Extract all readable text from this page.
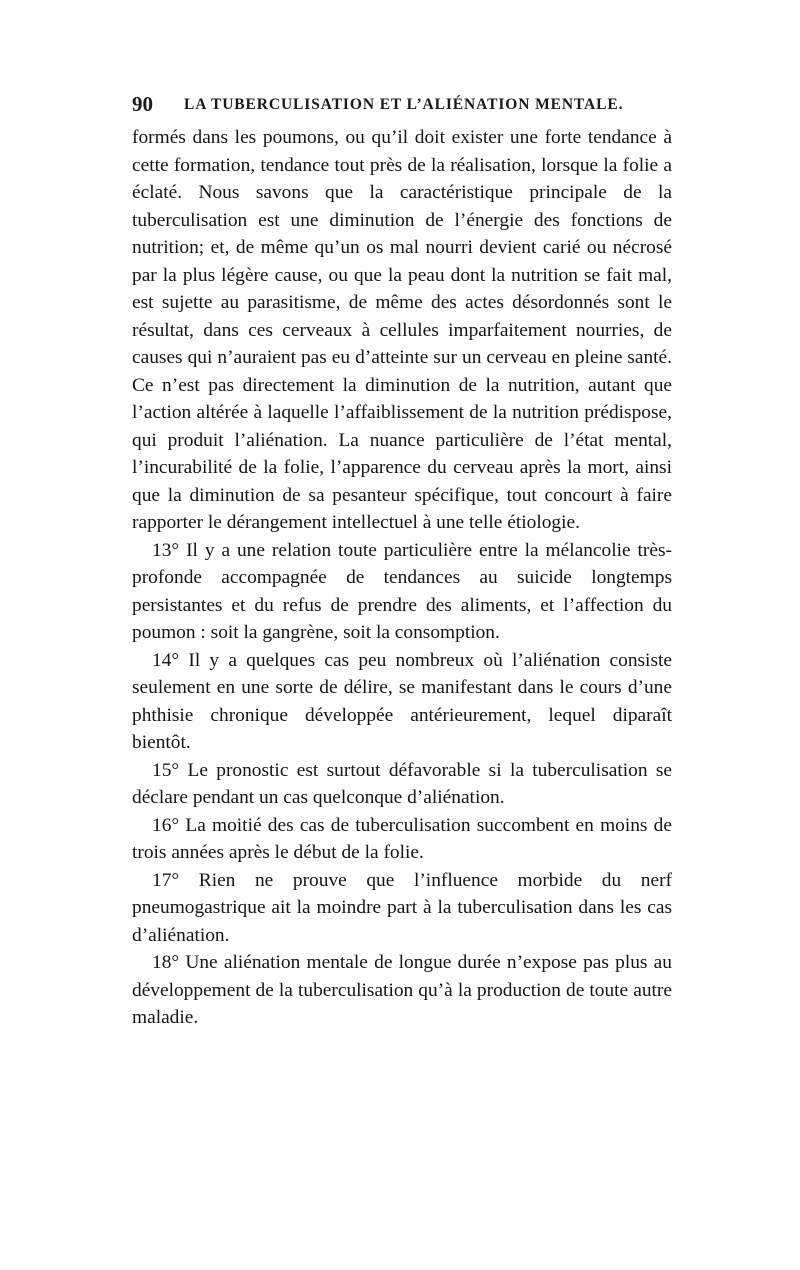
90 LA TUBERCULISATION ET L’ALIÉNATION MENTALE.

formés dans les poumons, ou qu’il doit exister une forte tendance à cette formation, tendance tout près de la réalisation, lorsque la folie a éclaté. Nous savons que la caractéristique principale de la tuberculisation est une diminution de l’énergie des fonctions de nutrition; et, de même qu’un os mal nourri devient carié ou nécrosé par la plus légère cause, ou que la peau dont la nutrition se fait mal, est sujette au parasitisme, de même des actes désordonnés sont le résultat, dans ces cerveaux à cellules imparfaitement nourries, de causes qui n’auraient pas eu d’atteinte sur un cerveau en pleine santé. Ce n’est pas directement la diminution de la nutrition, autant que l’action altérée à laquelle l’affaiblissement de la nutrition prédispose, qui produit l’aliénation. La nuance particulière de l’état mental, l’incurabilité de la folie, l’apparence du cerveau après la mort, ainsi que la diminution de sa pesanteur spécifique, tout concourt à faire rapporter le dérangement intellectuel à une telle étiologie.

13° Il y a une relation toute particulière entre la mélancolie très-profonde accompagnée de tendances au suicide longtemps persistantes et du refus de prendre des aliments, et l’affection du poumon : soit la gangrène, soit la consomption.

14° Il y a quelques cas peu nombreux où l’aliénation consiste seulement en une sorte de délire, se manifestant dans le cours d’une phthisie chronique développée antérieurement, lequel diparaît bientôt.

15° Le pronostic est surtout défavorable si la tuberculisation se déclare pendant un cas quelconque d’aliénation.

16° La moitié des cas de tuberculisation succombent en moins de trois années après le début de la folie.

17° Rien ne prouve que l’influence morbide du nerf pneumogastrique ait la moindre part à la tuberculisation dans les cas d’aliénation.

18° Une aliénation mentale de longue durée n’expose pas plus au développement de la tuberculisation qu’à la production de toute autre maladie.
